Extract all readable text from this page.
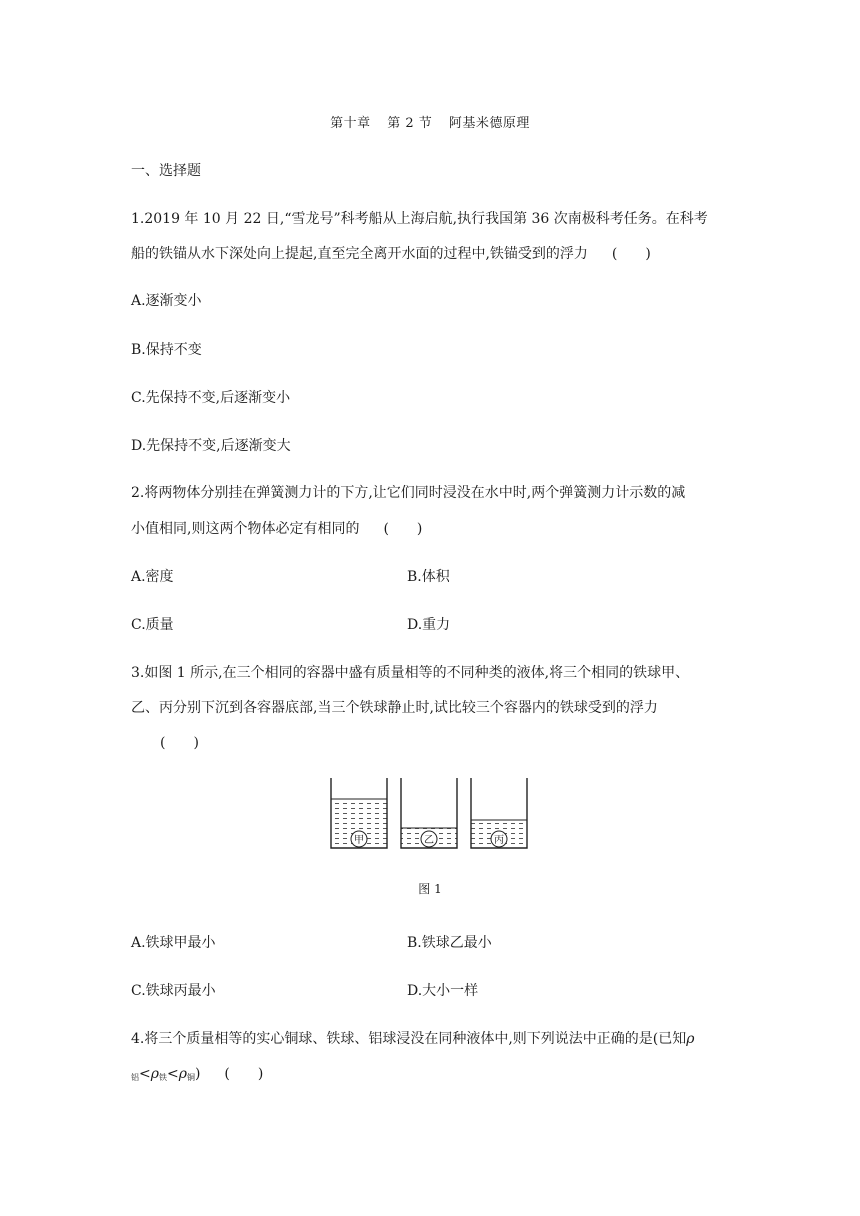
第十章 第 2 节 阿基米德原理
一、选择题
1.2019 年 10 月 22 日,“雪龙号”科考船从上海启航,执行我国第 36 次南极科考任务。在科考
船的铁锚从水下深处向上提起,直至完全离开水面的过程中,铁锚受到的浮力 (　　)
A.逐渐变小
B.保持不变
C.先保持不变,后逐渐变小
D.先保持不变,后逐渐变大
2.将两物体分别挂在弹簧测力计的下方,让它们同时浸没在水中时,两个弹簧测力计示数的减
小值相同,则这两个物体必定有相同的 (　　)
A.密度	B.体积
C.质量	D.重力
3.如图 1 所示,在三个相同的容器中盛有质量相等的不同种类的液体,将三个相同的铁球甲、
乙、丙分别下沉到各容器底部,当三个铁球静止时,试比较三个容器内的铁球受到的浮力
(　　)
甲	乙	丙
图 1
A.铁球甲最小	B.铁球乙最小
C.铁球丙最小	D.大小一样
4.将三个质量相等的实心铜球、铁球、铝球浸没在同种液体中,则下列说法中正确的是(已知ρ
$_铝<\rho_铁<\rho_铜$) (　　)
